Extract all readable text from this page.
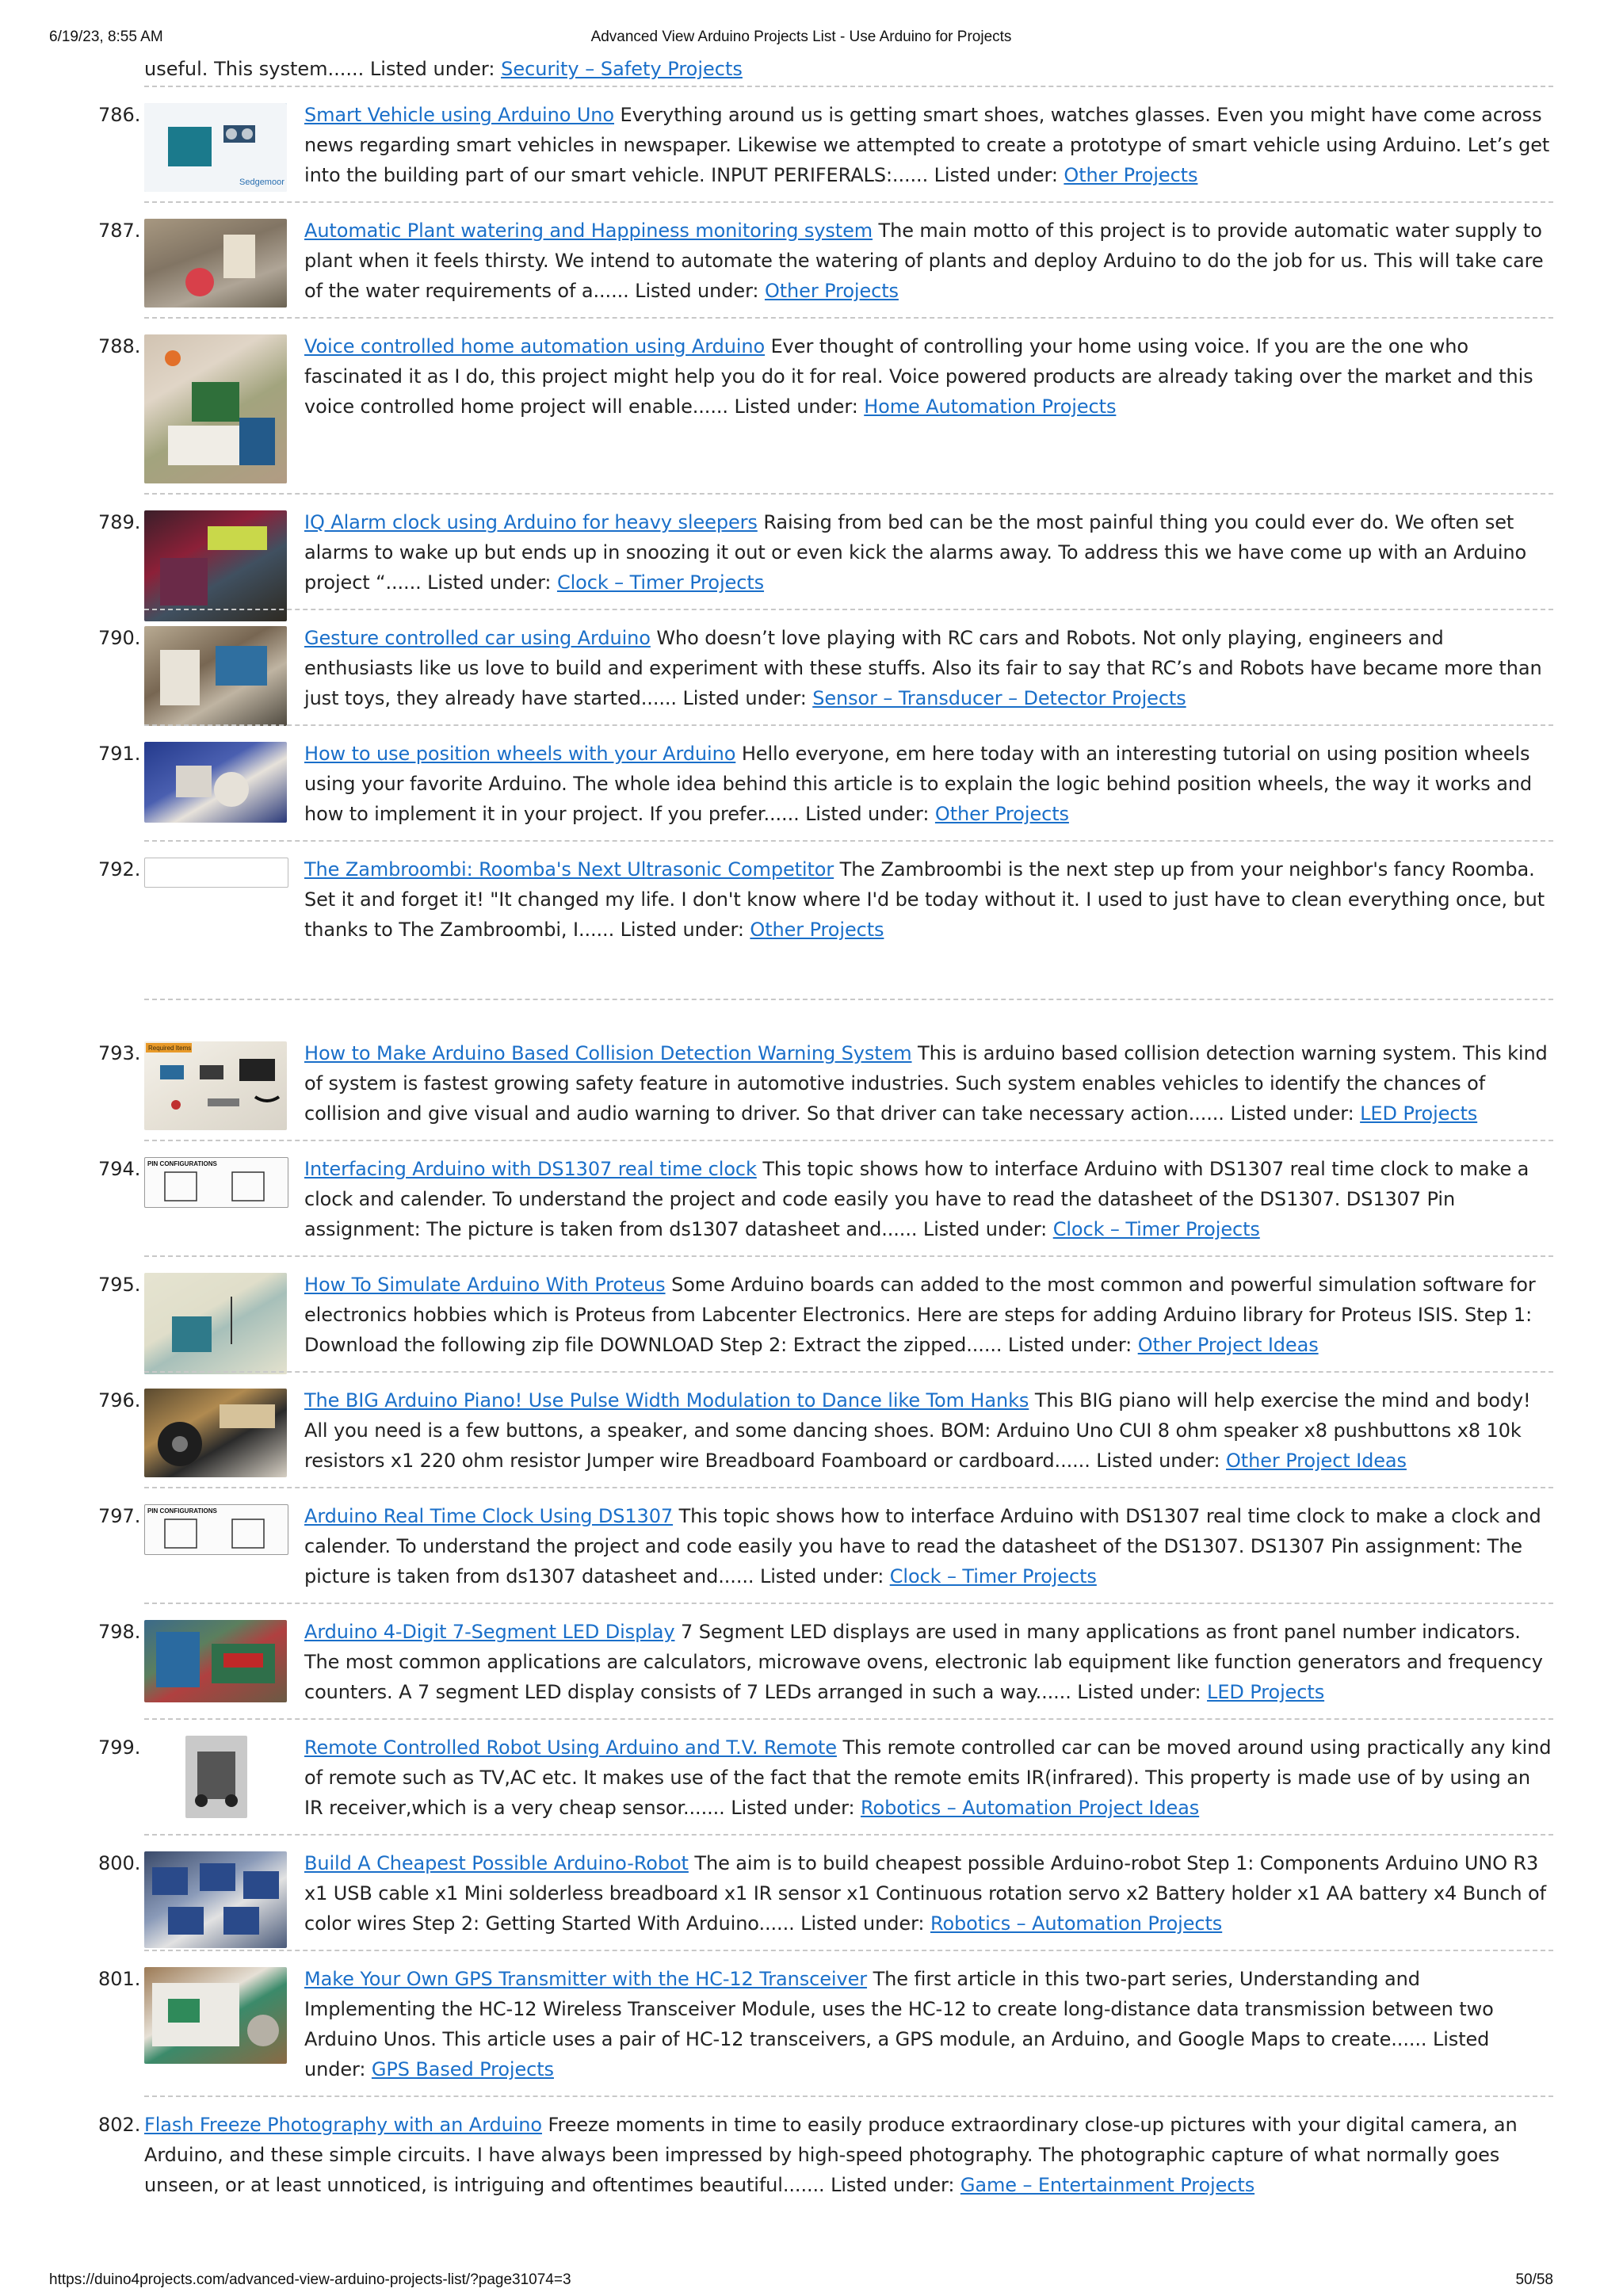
6/19/23, 8:55 AM	Advanced View Arduino Projects List - Use Arduino for Projects

useful. This system...... Listed under: Security – Safety Projects

786.
Sedgemoor
Smart Vehicle using Arduino Uno Everything around us is getting smart shoes, watches glasses. Even you might have come across news regarding smart vehicles in newspaper. Likewise we attempted to create a prototype of smart vehicle using Arduino. Let’s get into the building part of our smart vehicle. INPUT PERIFERALS:...... Listed under: Other Projects
787.	Automatic Plant watering and Happiness monitoring system The main motto of this project is to provide automatic water supply to plant when it feels thirsty. We intend to automate the watering of plants and deploy Arduino to do the job for us. This will take care of the water requirements of a...... Listed under: Other Projects
788.	Voice controlled home automation using Arduino Ever thought of controlling your home using voice. If you are the one who fascinated it as I do, this project might help you do it for real. Voice powered products are already taking over the market and this voice controlled home project will enable...... Listed under: Home Automation Projects
789.	IQ Alarm clock using Arduino for heavy sleepers Raising from bed can be the most painful thing you could ever do. We often set alarms to wake up but ends up in snoozing it out or even kick the alarms away. To address this we have come up with an Arduino project “...... Listed under: Clock – Timer Projects
790.	Gesture controlled car using Arduino Who doesn’t love playing with RC cars and Robots. Not only playing, engineers and enthusiasts like us love to build and experiment with these stuffs. Also its fair to say that RC’s and Robots have became more than just toys, they already have started...... Listed under: Sensor – Transducer – Detector Projects
791.	How to use position wheels with your Arduino Hello everyone, em here today with an interesting tutorial on using position wheels using your favorite Arduino. The whole idea behind this article is to explain the logic behind position wheels, the way it works and how to implement it in your project. If you prefer...... Listed under: Other Projects
792.	The Zambroombi: Roomba's Next Ultrasonic Competitor The Zambroombi is the next step up from your neighbor's fancy Roomba. Set it and forget it! "It changed my life. I don't know where I'd be today without it. I used to just have to clean everything once, but thanks to The Zambroombi, I...... Listed under: Other Projects
793. Required Items	How to Make Arduino Based Collision Detection Warning System This is arduino based collision detection warning system. This kind of system is fastest growing safety feature in automotive industries. Such system enables vehicles to identify the chances of collision and give visual and audio warning to driver. So that driver can take necessary action...... Listed under: LED Projects
794. PIN CONFIGURATIONS	Interfacing Arduino with DS1307 real time clock This topic shows how to interface Arduino with DS1307 real time clock to make a clock and calender. To understand the project and code easily you have to read the datasheet of the DS1307. DS1307 Pin assignment: The picture is taken from ds1307 datasheet and...... Listed under: Clock – Timer Projects
795.	How To Simulate Arduino With Proteus Some Arduino boards can added to the most common and powerful simulation software for electronics hobbies which is Proteus from Labcenter Electronics. Here are steps for adding Arduino library for Proteus ISIS. Step 1: Download the following zip file DOWNLOAD Step 2: Extract the zipped...... Listed under: Other Project Ideas
796.	The BIG Arduino Piano! Use Pulse Width Modulation to Dance like Tom Hanks This BIG piano will help exercise the mind and body! All you need is a few buttons, a speaker, and some dancing shoes. BOM: Arduino Uno CUI 8 ohm speaker x8 pushbuttons x8 10k resistors x1 220 ohm resistor Jumper wire Breadboard Foamboard or cardboard...... Listed under: Other Project Ideas
797. PIN CONFIGURATIONS	Arduino Real Time Clock Using DS1307 This topic shows how to interface Arduino with DS1307 real time clock to make a clock and calender. To understand the project and code easily you have to read the datasheet of the DS1307. DS1307 Pin assignment: The picture is taken from ds1307 datasheet and...... Listed under: Clock – Timer Projects
798.	Arduino 4-Digit 7-Segment LED Display 7 Segment LED displays are used in many applications as front panel number indicators. The most common applications are calculators, microwave ovens, electronic lab equipment like function generators and frequency counters. A 7 segment LED display consists of 7 LEDs arranged in such a way...... Listed under: LED Projects
799.	Remote Controlled Robot Using Arduino and T.V. Remote This remote controlled car can be moved around using practically any kind of remote such as TV,AC etc. It makes use of the fact that the remote emits IR(infrared). This property is made use of by using an IR receiver,which is a very cheap sensor....... Listed under: Robotics – Automation Project Ideas
800.	Build A Cheapest Possible Arduino-Robot The aim is to build cheapest possible Arduino-robot Step 1: Components Arduino UNO R3 x1 USB cable x1 Mini solderless breadboard x1 IR sensor x1 Continuous rotation servo x2 Battery holder x1 AA battery x4 Bunch of color wires Step 2: Getting Started With Arduino...... Listed under: Robotics – Automation Projects
801.	Make Your Own GPS Transmitter with the HC-12 Transceiver The first article in this two-part series, Understanding and Implementing the HC-12 Wireless Transceiver Module, uses the HC-12 to create long-distance data transmission between two Arduino Unos. This article uses a pair of HC-12 transceivers, a GPS module, an Arduino, and Google Maps to create...... Listed under: GPS Based Projects
802. Flash Freeze Photography with an Arduino Freeze moments in time to easily produce extraordinary close-up pictures with your digital camera, an Arduino, and these simple circuits. I have always been impressed by high-speed photography. The photographic capture of what normally goes unseen, or at least unnoticed, is intriguing and oftentimes beautiful....... Listed under: Game – Entertainment Projects
https://duino4projects.com/advanced-view-arduino-projects-list/?page31074=3	50/58
